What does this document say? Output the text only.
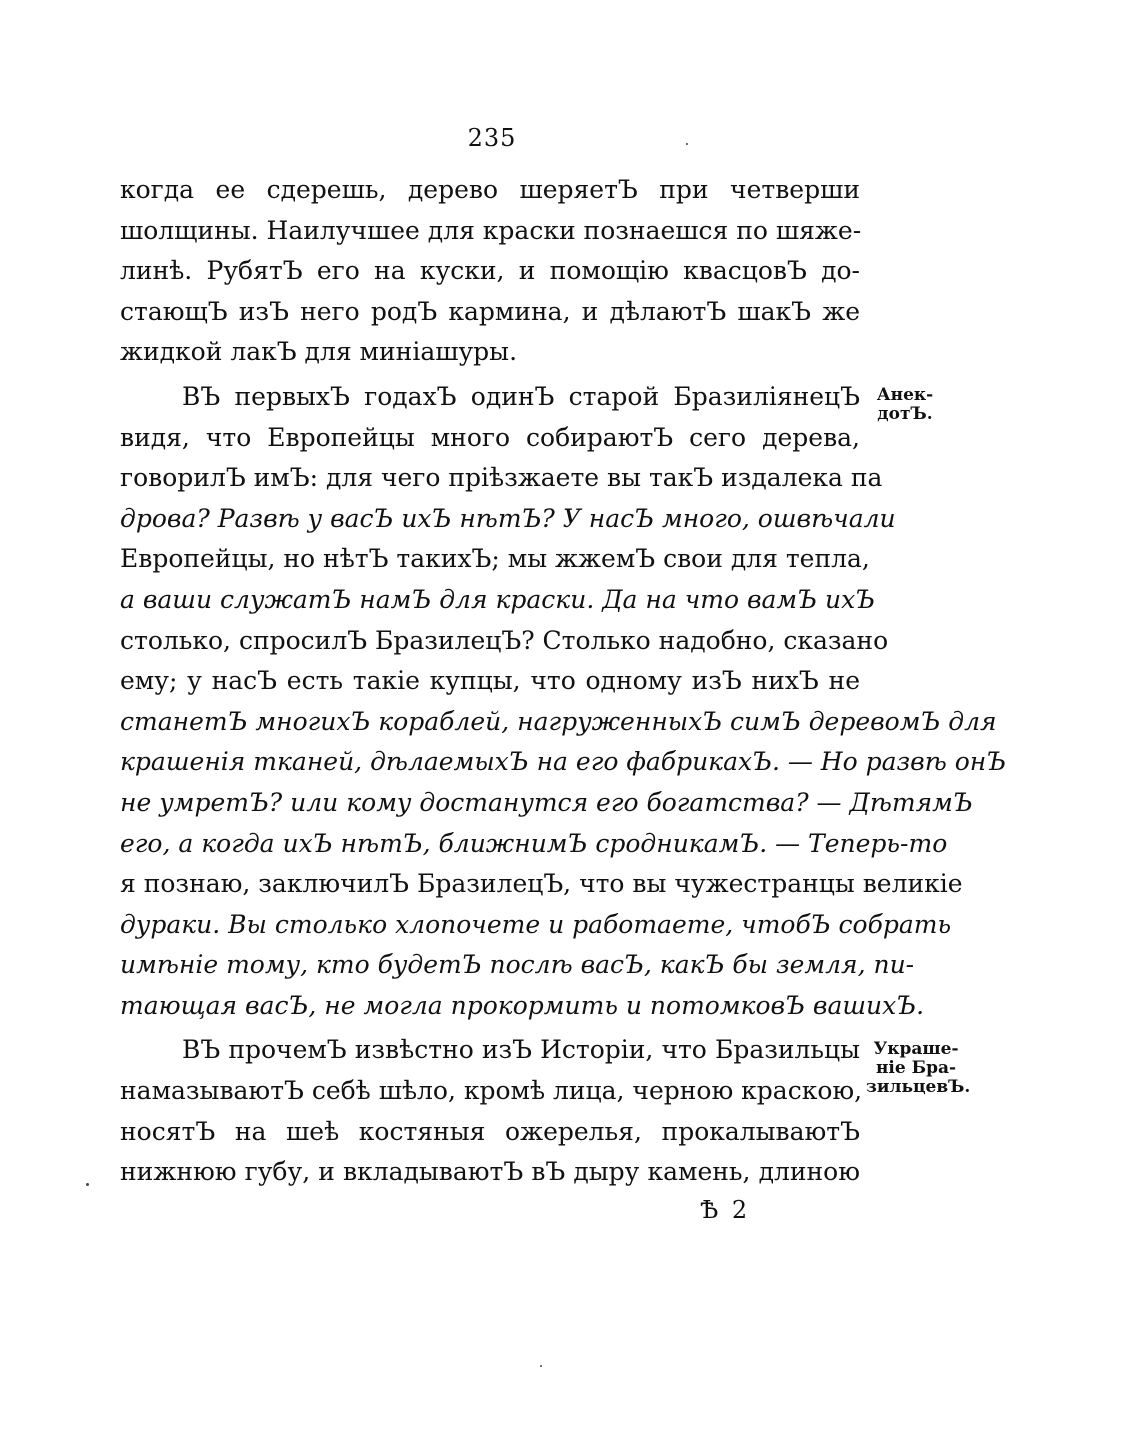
235
когда ее сдерешь, дерево шеряетЪ при четверши
шолщины. Наилучшее для краски познаешся по шяже-
линѣ. РубятЪ его на куски, и помощію квасцовЪ до-
стающЪ изЪ него родЪ кармина, и дѣлаютЪ шакЪ же
жидкой лакЪ для миніашуры.
ВЪ первыхЪ годахЪ одинЪ старой БразиліянецЪ
видя, что Европейцы много собираютЪ сего дерева,
говорилЪ имЪ: для чего пріѣзжаете вы такЪ издалека па
дрова? Развѣ у васЪ ихЪ нѣтЪ? У насЪ много, ошвѣчали
Европейцы, но нѣтЪ такихЪ; мы жжемЪ свои для тепла,
а ваши служатЪ намЪ для краски. Да на что вамЪ ихЪ
столько, спросилЪ БразилецЪ? Столько надобно, сказано
ему; у насЪ есть такіе купцы, что одному изЪ нихЪ не
станетЪ многихЪ кораблей, нагруженныхЪ симЪ деревомЪ для
крашенія тканей, дѣлаемыхЪ на его фабрикахЪ. — Но развѣ онЪ
не умретЪ? или кому достанутся его богатства? — ДѣтямЪ
его, а когда ихЪ нѣтЪ, ближнимЪ сродникамЪ. — Теперь-то
я познаю, заключилЪ БразилецЪ, что вы чужестранцы великіе
дураки. Вы столько хлопочете и работаете, чтобЪ собрать
имѣніе тому, кто будетЪ послѣ васЪ, какЪ бы земля, пи-
тающая васЪ, не могла прокормить и потомковЪ вашихЪ.
ВЪ прочемЪ извѣстно изЪ Исторіи, что Бразильцы
намазываютЪ себѣ шѣло, кромѣ лица, черною краскою,
носятЪ на шеѣ костяныя ожерелья, прокалываютЪ
нижнюю губу, и вкладываютЪ вЪ дыру камень, длиною
Анек-
дотЪ.
Украше-
ніе Бра-
зильцевЪ.
Ѣ 2
